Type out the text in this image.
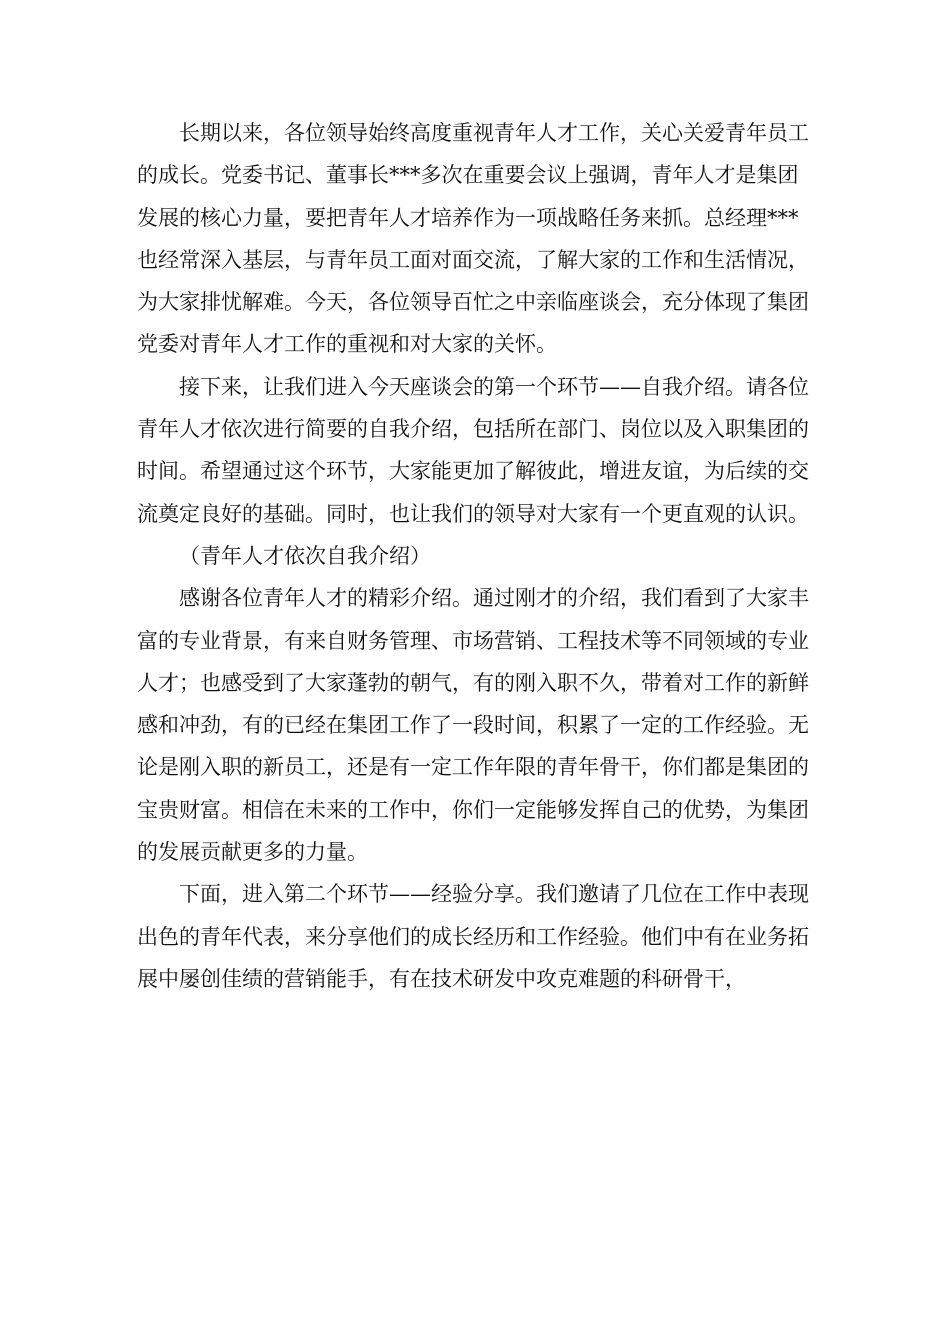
长期以来，各位领导始终高度重视青年人才工作，关心关爱青年员工的成长。党委书记、董事长***多次在重要会议上强调，青年人才是集团发展的核心力量，要把青年人才培养作为一项战略任务来抓。总经理***也经常深入基层，与青年员工面对面交流，了解大家的工作和生活情况，为大家排忧解难。今天，各位领导百忙之中亲临座谈会，充分体现了集团党委对青年人才工作的重视和对大家的关怀。

接下来，让我们进入今天座谈会的第一个环节——自我介绍。请各位青年人才依次进行简要的自我介绍，包括所在部门、岗位以及入职集团的时间。希望通过这个环节，大家能更加了解彼此，增进友谊，为后续的交流奠定良好的基础。同时，也让我们的领导对大家有一个更直观的认识。

（青年人才依次自我介绍）

感谢各位青年人才的精彩介绍。通过刚才的介绍，我们看到了大家丰富的专业背景，有来自财务管理、市场营销、工程技术等不同领域的专业人才；也感受到了大家蓬勃的朝气，有的刚入职不久，带着对工作的新鲜感和冲劲，有的已经在集团工作了一段时间，积累了一定的工作经验。无论是刚入职的新员工，还是有一定工作年限的青年骨干，你们都是集团的宝贵财富。相信在未来的工作中，你们一定能够发挥自己的优势，为集团的发展贡献更多的力量。

下面，进入第二个环节——经验分享。我们邀请了几位在工作中表现出色的青年代表，来分享他们的成长经历和工作经验。他们中有在业务拓展中屡创佳绩的营销能手，有在技术研发中攻克难题的科研骨干，
